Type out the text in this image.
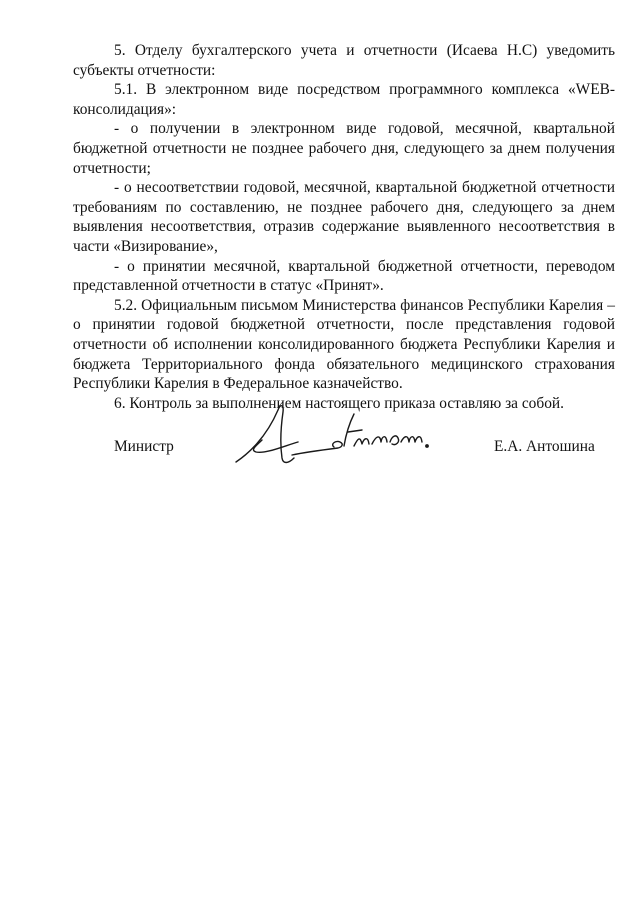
5. Отделу бухгалтерского учета и отчетности (Исаева Н.С) уведомить субъекты отчетности:

5.1. В электронном виде посредством программного комплекса «WEB-консолидация»:

- о получении в электронном виде годовой, месячной, квартальной бюджетной отчетности не позднее рабочего дня, следующего за днем получения отчетности;

- о несоответствии годовой, месячной, квартальной бюджетной отчетности требованиям по составлению, не позднее рабочего дня, следующего за днем выявления несоответствия, отразив содержание выявленного несоответствия в части «Визирование»,

- о принятии месячной, квартальной бюджетной отчетности, переводом представленной отчетности в статус «Принят».

5.2. Официальным письмом Министерства финансов Республики Карелия – о принятии годовой бюджетной отчетности, после представления годовой отчетности об исполнении консолидированного бюджета Республики Карелия и бюджета Территориального фонда обязательного медицинского страхования Республики Карелия в Федеральное казначейство.

6. Контроль за выполнением настоящего приказа оставляю за собой.

Министр	Е.А. Антошина
